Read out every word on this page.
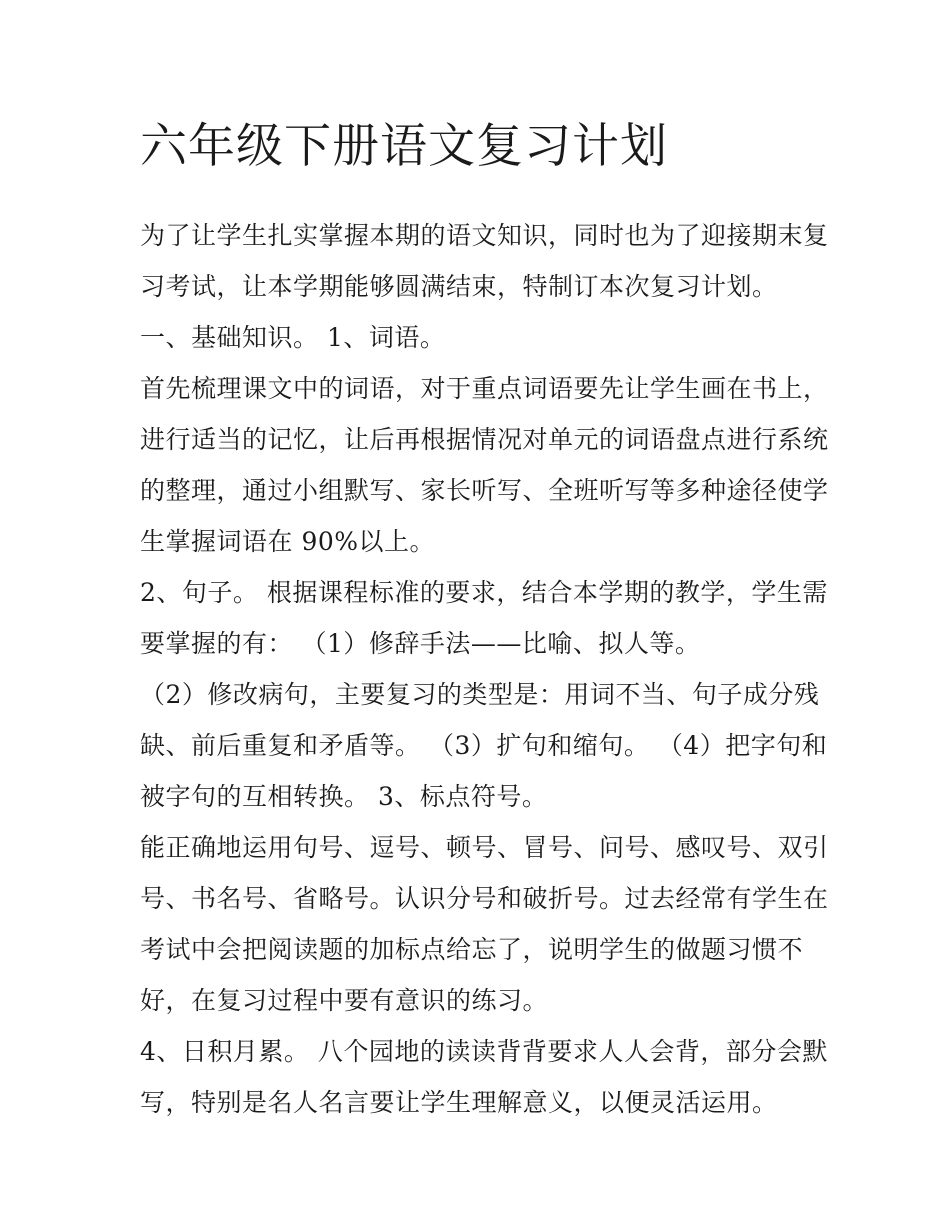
六年级下册语文复习计划

为了让学生扎实掌握本期的语文知识，同时也为了迎接期末复习考试，让本学期能够圆满结束，特制订本次复习计划。

一、基础知识。 1、词语。

首先梳理课文中的词语，对于重点词语要先让学生画在书上，进行适当的记忆，让后再根据情况对单元的词语盘点进行系统的整理，通过小组默写、家长听写、全班听写等多种途径使学生掌握词语在 90%以上。

2、句子。 根据课程标准的要求，结合本学期的教学，学生需要掌握的有： （1）修辞手法——比喻、拟人等。

（2）修改病句，主要复习的类型是：用词不当、句子成分残缺、前后重复和矛盾等。 （3）扩句和缩句。 （4）把字句和被字句的互相转换。 3、标点符号。

能正确地运用句号、逗号、顿号、冒号、问号、感叹号、双引号、书名号、省略号。认识分号和破折号。过去经常有学生在考试中会把阅读题的加标点给忘了，说明学生的做题习惯不好，在复习过程中要有意识的练习。

4、日积月累。 八个园地的读读背背要求人人会背，部分会默写，特别是名人名言要让学生理解意义，以便灵活运用。
